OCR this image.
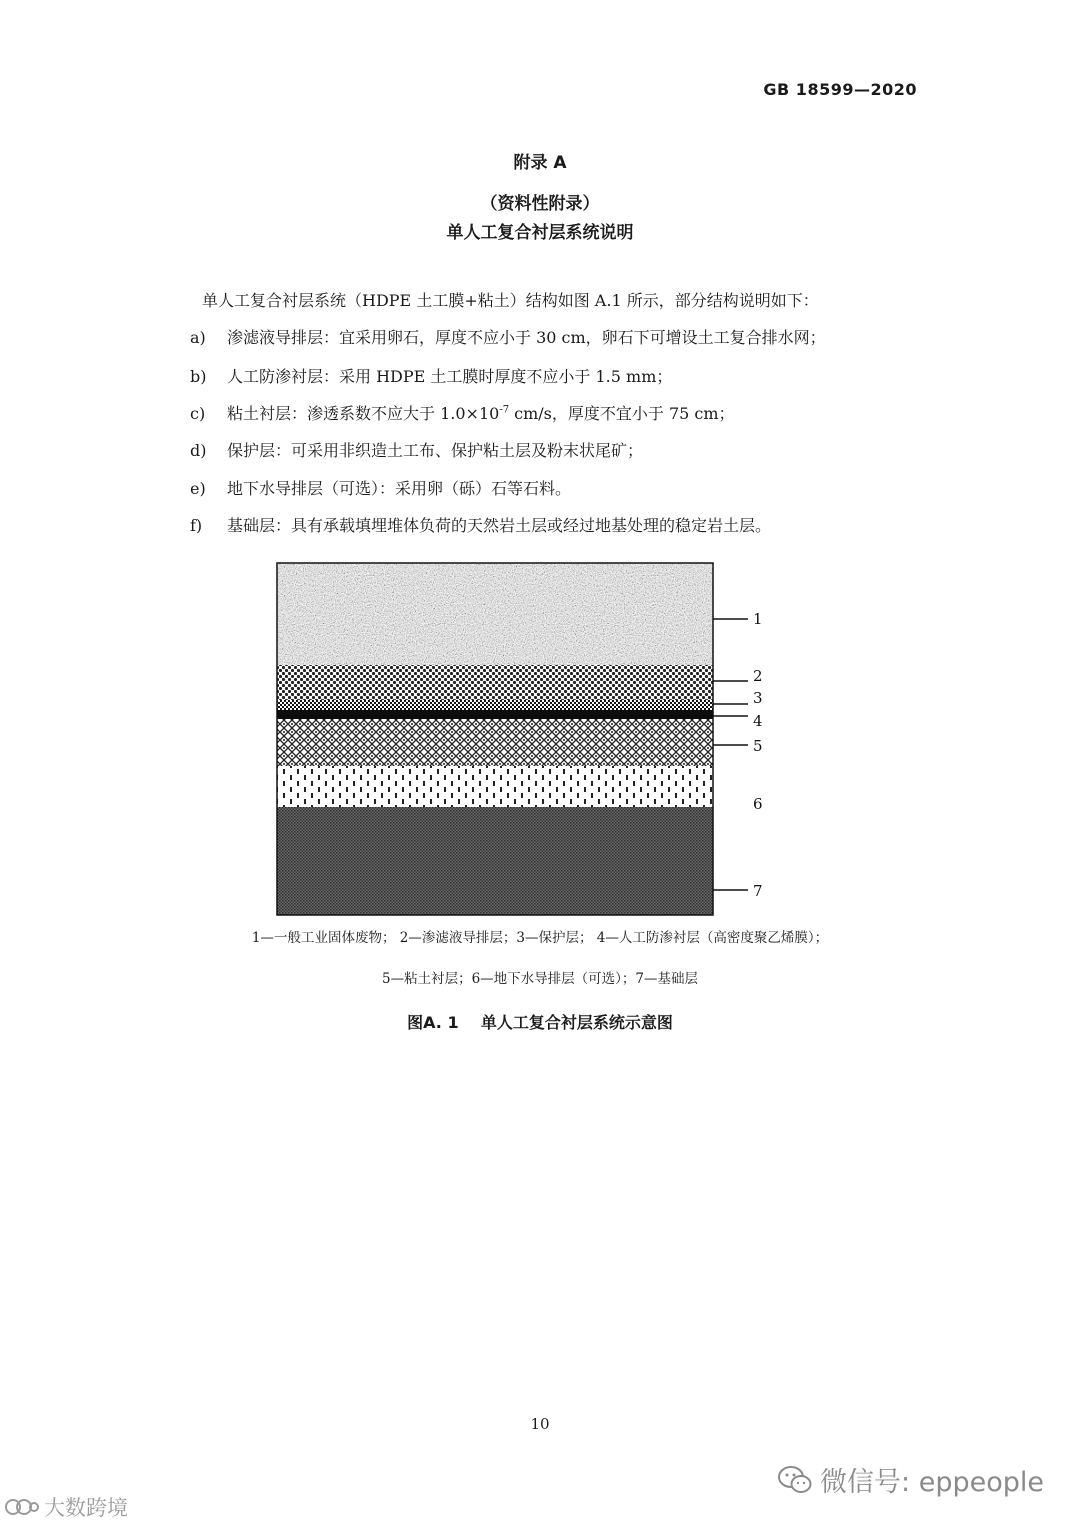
GB 18599—2020
附录 A
（资料性附录）
单人工复合衬层系统说明
单人工复合衬层系统（HDPE 土工膜+粘土）结构如图 A.1 所示，部分结构说明如下：
a) 渗滤液导排层：宜采用卵石，厚度不应小于 30 cm，卵石下可增设土工复合排水网；
b) 人工防渗衬层：采用 HDPE 土工膜时厚度不应小于 1.5 mm；
c) 粘土衬层：渗透系数不应大于 $1.0\times 10^{-7}$ cm/s，厚度不宜小于 75 cm；
d) 保护层：可采用非织造土工布、保护粘土层及粉末状尾矿；
e) 地下水导排层（可选）：采用卵（砾）石等石料。
f) 基础层：具有承载填埋堆体负荷的天然岩土层或经过地基处理的稳定岩土层。
1
2
3
4
5
6
7
1—一般工业固体废物； 2—渗滤液导排层；3—保护层； 4—人工防渗衬层（高密度聚乙烯膜）；
5—粘土衬层；6—地下水导排层（可选）；7—基础层
图A. 1    单人工复合衬层系统示意图
10
微信号: eppeople
大数跨境
